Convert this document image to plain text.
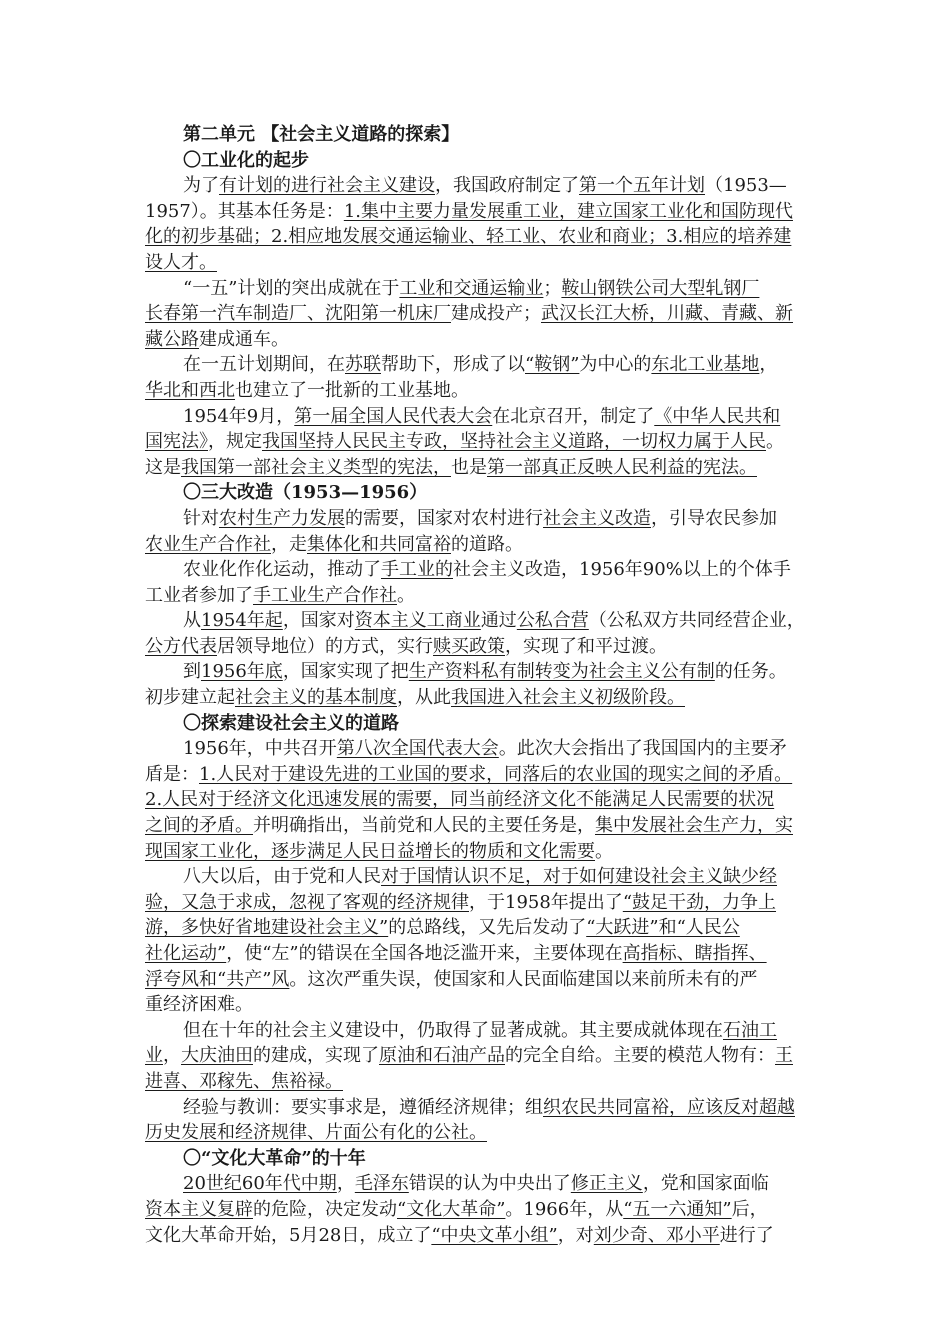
第二单元 【社会主义道路的探索】
〇工业化的起步
为了有计划的进行社会主义建设，我国政府制定了第一个五年计划（1953—
1957）。其基本任务是：1.集中主要力量发展重工业，建立国家工业化和国防现代
化的初步基础；2.相应地发展交通运输业、轻工业、农业和商业；3.相应的培养建
设人才。
“一五”计划的突出成就在于工业和交通运输业；鞍山钢铁公司大型轧钢厂
长春第一汽车制造厂、沈阳第一机床厂建成投产；武汉长江大桥，川藏、青藏、新
藏公路建成通车。
在一五计划期间，在苏联帮助下，形成了以“鞍钢”为中心的东北工业基地，
华北和西北也建立了一批新的工业基地。
1954年9月，第一届全国人民代表大会在北京召开，制定了《中华人民共和
国宪法》，规定我国坚持人民民主专政，坚持社会主义道路，一切权力属于人民。
这是我国第一部社会主义类型的宪法，也是第一部真正反映人民利益的宪法。
〇三大改造（1953—1956）
针对农村生产力发展的需要，国家对农村进行社会主义改造，引导农民参加
农业生产合作社，走集体化和共同富裕的道路。
农业化作化运动，推动了手工业的社会主义改造，1956年90%以上的个体手
工业者参加了手工业生产合作社。
从1954年起，国家对资本主义工商业通过公私合营（公私双方共同经营企业，
公方代表居领导地位）的方式，实行赎买政策，实现了和平过渡。
到1956年底，国家实现了把生产资料私有制转变为社会主义公有制的任务。
初步建立起社会主义的基本制度，从此我国进入社会主义初级阶段。
〇探索建设社会主义的道路
1956年，中共召开第八次全国代表大会。此次大会指出了我国国内的主要矛
盾是：1.人民对于建设先进的工业国的要求，同落后的农业国的现实之间的矛盾。
2.人民对于经济文化迅速发展的需要，同当前经济文化不能满足人民需要的状况
之间的矛盾。并明确指出，当前党和人民的主要任务是，集中发展社会生产力，实
现国家工业化，逐步满足人民日益增长的物质和文化需要。
八大以后，由于党和人民对于国情认识不足，对于如何建设社会主义缺少经
验，又急于求成，忽视了客观的经济规律，于1958年提出了“鼓足干劲，力争上
游，多快好省地建设社会主义”的总路线，又先后发动了“大跃进”和“人民公
社化运动”，使“左”的错误在全国各地泛滥开来，主要体现在高指标、瞎指挥、
浮夸风和“共产”风。这次严重失误，使国家和人民面临建国以来前所未有的严
重经济困难。
但在十年的社会主义建设中，仍取得了显著成就。其主要成就体现在石油工
业，大庆油田的建成，实现了原油和石油产品的完全自给。主要的模范人物有：王
进喜、邓稼先、焦裕禄。
经验与教训：要实事求是，遵循经济规律；组织农民共同富裕，应该反对超越
历史发展和经济规律、片面公有化的公社。
〇“文化大革命”的十年
20世纪60年代中期，毛泽东错误的认为中央出了修正主义，党和国家面临
资本主义复辟的危险，决定发动“文化大革命”。1966年，从“五一六通知”后，
文化大革命开始，5月28日，成立了“中央文革小组”，对刘少奇、邓小平进行了
